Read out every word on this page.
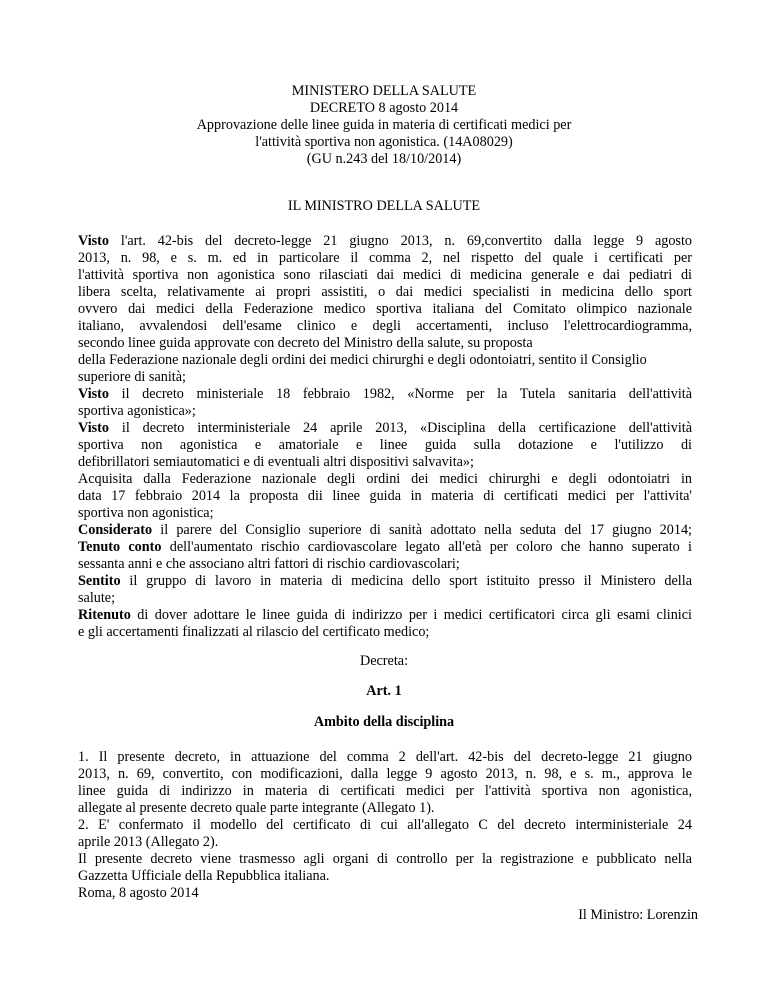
MINISTERO DELLA SALUTE
DECRETO 8 agosto 2014
Approvazione delle linee guida in materia di certificati medici per
l'attività sportiva non agonistica. (14A08029)
(GU n.243 del 18/10/2014)
IL MINISTRO DELLA SALUTE
Visto l'art. 42-bis del decreto-legge 21 giugno 2013, n. 69,convertito dalla legge 9 agosto
2013, n. 98, e s. m. ed in particolare il comma 2, nel rispetto del quale i certificati per
l'attività sportiva non agonistica sono rilasciati dai medici di medicina generale e dai pediatri di
libera scelta, relativamente ai propri assistiti, o dai medici specialisti in medicina dello sport
ovvero dai medici della Federazione medico sportiva italiana del Comitato olimpico nazionale
italiano, avvalendosi dell'esame clinico e degli accertamenti, incluso l'elettrocardiogramma,
secondo linee guida approvate con decreto del Ministro della salute, su proposta
della Federazione nazionale degli ordini dei medici chirurghi e degli odontoiatri, sentito il Consiglio
superiore di sanità;
Visto il decreto ministeriale 18 febbraio 1982, «Norme per la Tutela sanitaria dell'attività
sportiva agonistica»;
Visto il decreto interministeriale 24 aprile 2013, «Disciplina della certificazione dell'attività
sportiva non agonistica e amatoriale e linee guida sulla dotazione e l'utilizzo di
defibrillatori semiautomatici e di eventuali altri dispositivi salvavita»;
Acquisita dalla Federazione nazionale degli ordini dei medici chirurghi e degli odontoiatri in
data 17 febbraio 2014 la proposta dii linee guida in materia di certificati medici per l'attivita'
sportiva non agonistica;
Considerato il parere del Consiglio superiore di sanità adottato nella seduta del 17 giugno 2014;
Tenuto conto dell'aumentato rischio cardiovascolare legato all'età per coloro che hanno superato i
sessanta anni e che associano altri fattori di rischio cardiovascolari;
Sentito il gruppo di lavoro in materia di medicina dello sport istituito presso il Ministero della
salute;
Ritenuto di dover adottare le linee guida di indirizzo per i medici certificatori circa gli esami clinici
e gli accertamenti finalizzati al rilascio del certificato medico;
Decreta:
Art. 1
Ambito della disciplina
1. Il presente decreto, in attuazione del comma 2 dell'art. 42-bis del decreto-legge 21 giugno
2013, n. 69, convertito, con modificazioni, dalla legge 9 agosto 2013, n. 98, e s. m., approva le
linee guida di indirizzo in materia di certificati medici per l'attività sportiva non agonistica,
allegate al presente decreto quale parte integrante (Allegato 1).
2. E' confermato il modello del certificato di cui all'allegato C del decreto interministeriale 24
aprile 2013 (Allegato 2).
Il presente decreto viene trasmesso agli organi di controllo per la registrazione e pubblicato nella
Gazzetta Ufficiale della Repubblica italiana.
Roma, 8 agosto 2014
Il Ministro: Lorenzin
